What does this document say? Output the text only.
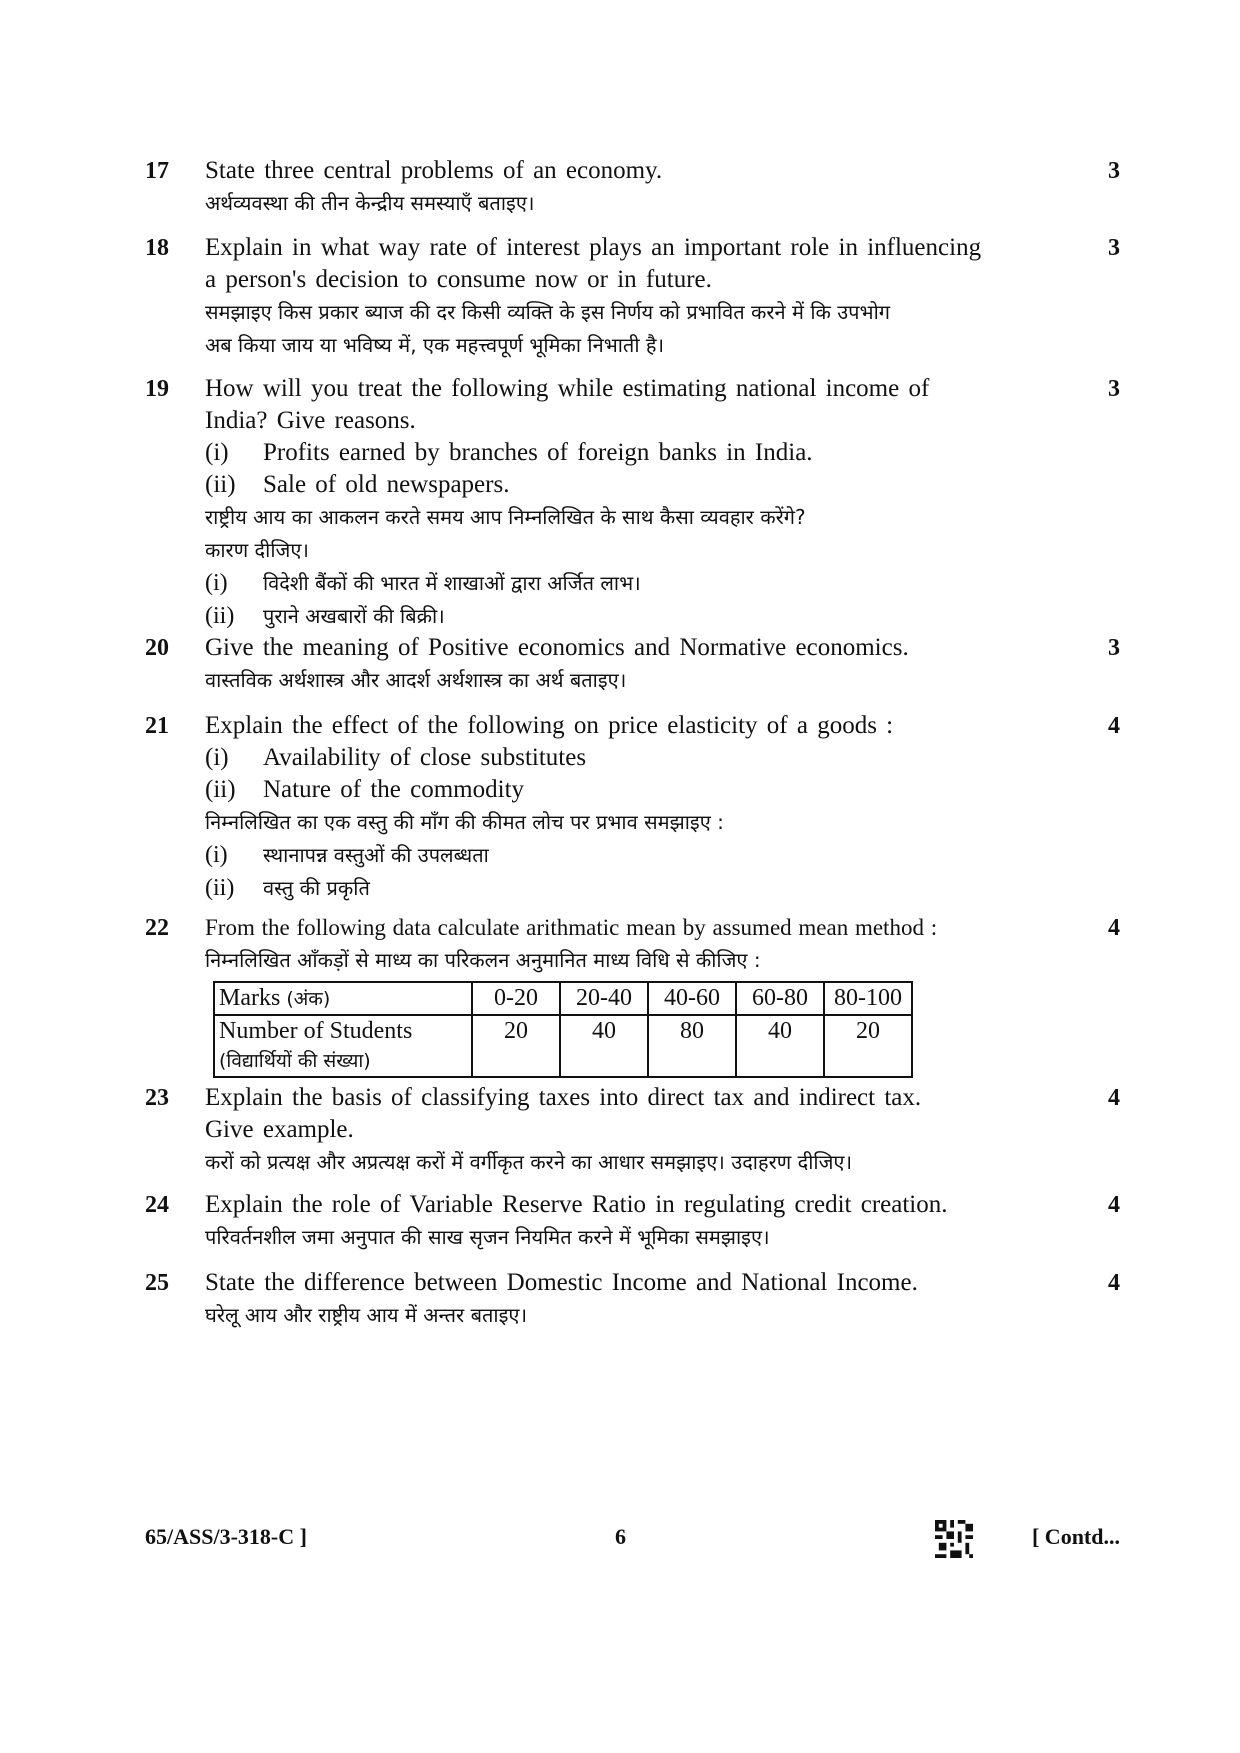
17	3
State three central problems of an economy.
अर्थव्यवस्था की तीन केन्द्रीय समस्याएँ बताइए।
18	3
Explain in what way rate of interest plays an important role in influencing
a person's decision to consume now or in future.
समझाइए किस प्रकार ब्याज की दर किसी व्यक्ति के इस निर्णय को प्रभावित करने में कि उपभोग
अब किया जाय या भविष्य में, एक महत्त्वपूर्ण भूमिका निभाती है।
19	3
How will you treat the following while estimating national income of
India? Give reasons.
(i)	Profits earned by branches of foreign banks in India.
(ii)	Sale of old newspapers.
राष्ट्रीय आय का आकलन करते समय आप निम्नलिखित के साथ कैसा व्यवहार करेंगे?
कारण दीजिए।
(i)	विदेशी बैंकों की भारत में शाखाओं द्वारा अर्जित लाभ।
(ii)	पुराने अखबारों की बिक्री।
20	3
Give the meaning of Positive economics and Normative economics.
वास्तविक अर्थशास्त्र और आदर्श अर्थशास्त्र का अर्थ बताइए।
21	4
Explain the effect of the following on price elasticity of a goods :
(i)	Availability of close substitutes
(ii)	Nature of the commodity
निम्नलिखित का एक वस्तु की माँग की कीमत लोच पर प्रभाव समझाइए :
(i)	स्थानापन्न वस्तुओं की उपलब्धता
(ii)	वस्तु की प्रकृति
22	4
From the following data calculate arithmatic mean by assumed mean method :
निम्नलिखित आँकड़ों से माध्य का परिकलन अनुमानित माध्य विधि से कीजिए :
Marks (अंक)	0-20	20-40	40-60	60-80	80-100

Number of Students
(विद्यार्थियों की संख्या)	20	40	80	40	20
23	4
Explain the basis of classifying taxes into direct tax and indirect tax.
Give example.
करों को प्रत्यक्ष और अप्रत्यक्ष करों में वर्गीकृत करने का आधार समझाइए। उदाहरण दीजिए।
24	4
Explain the role of Variable Reserve Ratio in regulating credit creation.
परिवर्तनशील जमा अनुपात की साख सृजन नियमित करने में भूमिका समझाइए।
25	4
State the difference between Domestic Income and National Income.
घरेलू आय और राष्ट्रीय आय में अन्तर बताइए।
65/ASS/3-318-C ]	6	[ Contd...
